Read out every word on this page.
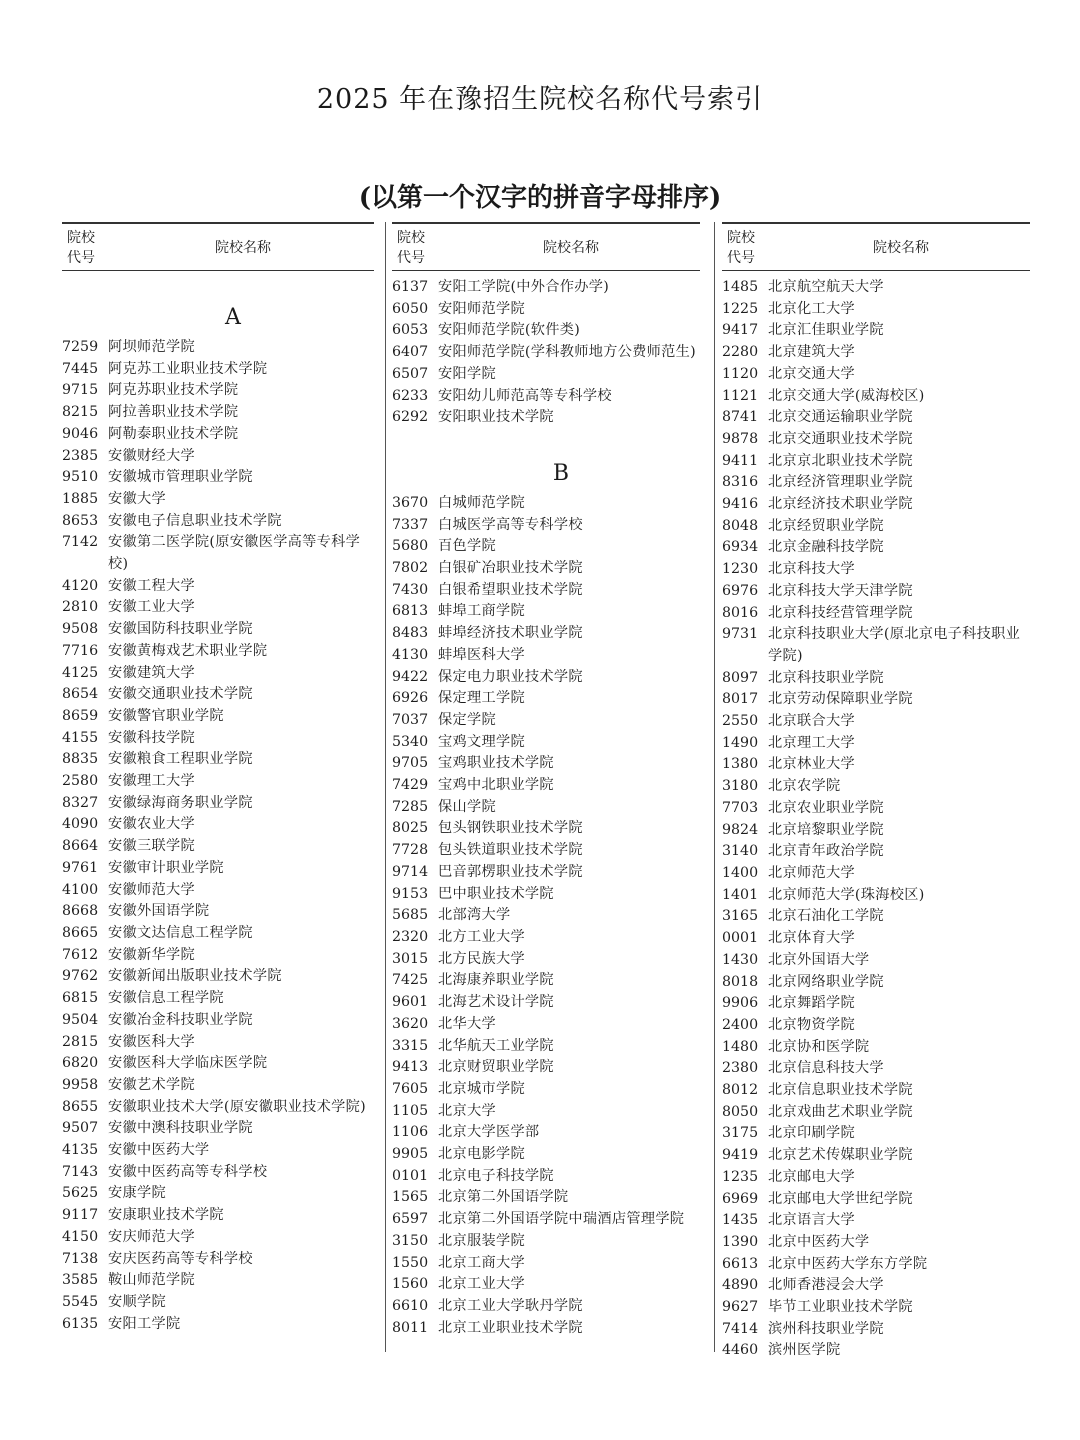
2025 年在豫招生院校名称代号索引
(以第一个汉字的拼音字母排序)
院校代号
院校名称
A
7259 阿坝师范学院
7445 阿克苏工业职业技术学院
9715 阿克苏职业技术学院
8215 阿拉善职业技术学院
9046 阿勒泰职业技术学院
2385 安徽财经大学
9510 安徽城市管理职业学院
1885 安徽大学
8653 安徽电子信息职业技术学院
7142 安徽第二医学院(原安徽医学高等专科学校)
4120 安徽工程大学
2810 安徽工业大学
9508 安徽国防科技职业学院
7716 安徽黄梅戏艺术职业学院
4125 安徽建筑大学
8654 安徽交通职业技术学院
8659 安徽警官职业学院
4155 安徽科技学院
8835 安徽粮食工程职业学院
2580 安徽理工大学
8327 安徽绿海商务职业学院
4090 安徽农业大学
8664 安徽三联学院
9761 安徽审计职业学院
4100 安徽师范大学
8668 安徽外国语学院
8665 安徽文达信息工程学院
7612 安徽新华学院
9762 安徽新闻出版职业技术学院
6815 安徽信息工程学院
9504 安徽冶金科技职业学院
2815 安徽医科大学
6820 安徽医科大学临床医学院
9958 安徽艺术学院
8655 安徽职业技术大学(原安徽职业技术学院)
9507 安徽中澳科技职业学院
4135 安徽中医药大学
7143 安徽中医药高等专科学校
5625 安康学院
9117 安康职业技术学院
4150 安庆师范大学
7138 安庆医药高等专科学校
3585 鞍山师范学院
5545 安顺学院
6135 安阳工学院
院校代号
院校名称
6137 安阳工学院(中外合作办学)
6050 安阳师范学院
6053 安阳师范学院(软件类)
6407 安阳师范学院(学科教师地方公费师范生)
6507 安阳学院
6233 安阳幼儿师范高等专科学校
6292 安阳职业技术学院
B
3670 白城师范学院
7337 白城医学高等专科学校
5680 百色学院
7802 白银矿冶职业技术学院
7430 白银希望职业技术学院
6813 蚌埠工商学院
8483 蚌埠经济技术职业学院
4130 蚌埠医科大学
9422 保定电力职业技术学院
6926 保定理工学院
7037 保定学院
5340 宝鸡文理学院
9705 宝鸡职业技术学院
7429 宝鸡中北职业学院
7285 保山学院
8025 包头钢铁职业技术学院
7728 包头铁道职业技术学院
9714 巴音郭楞职业技术学院
9153 巴中职业技术学院
5685 北部湾大学
2320 北方工业大学
3015 北方民族大学
7425 北海康养职业学院
9601 北海艺术设计学院
3620 北华大学
3315 北华航天工业学院
9413 北京财贸职业学院
7605 北京城市学院
1105 北京大学
1106 北京大学医学部
9905 北京电影学院
0101 北京电子科技学院
1565 北京第二外国语学院
6597 北京第二外国语学院中瑞酒店管理学院
3150 北京服装学院
1550 北京工商大学
1560 北京工业大学
6610 北京工业大学耿丹学院
8011 北京工业职业技术学院
院校代号
院校名称
1485 北京航空航天大学
1225 北京化工大学
9417 北京汇佳职业学院
2280 北京建筑大学
1120 北京交通大学
1121 北京交通大学(威海校区)
8741 北京交通运输职业学院
9878 北京交通职业技术学院
9411 北京京北职业技术学院
8316 北京经济管理职业学院
9416 北京经济技术职业学院
8048 北京经贸职业学院
6934 北京金融科技学院
1230 北京科技大学
6976 北京科技大学天津学院
8016 北京科技经营管理学院
9731 北京科技职业大学(原北京电子科技职业学院)
8097 北京科技职业学院
8017 北京劳动保障职业学院
2550 北京联合大学
1490 北京理工大学
1380 北京林业大学
3180 北京农学院
7703 北京农业职业学院
9824 北京培黎职业学院
3140 北京青年政治学院
1400 北京师范大学
1401 北京师范大学(珠海校区)
3165 北京石油化工学院
0001 北京体育大学
1430 北京外国语大学
8018 北京网络职业学院
9906 北京舞蹈学院
2400 北京物资学院
1480 北京协和医学院
2380 北京信息科技大学
8012 北京信息职业技术学院
8050 北京戏曲艺术职业学院
3175 北京印刷学院
9419 北京艺术传媒职业学院
1235 北京邮电大学
6969 北京邮电大学世纪学院
1435 北京语言大学
1390 北京中医药大学
6613 北京中医药大学东方学院
4890 北师香港浸会大学
9627 毕节工业职业技术学院
7414 滨州科技职业学院
4460 滨州医学院
